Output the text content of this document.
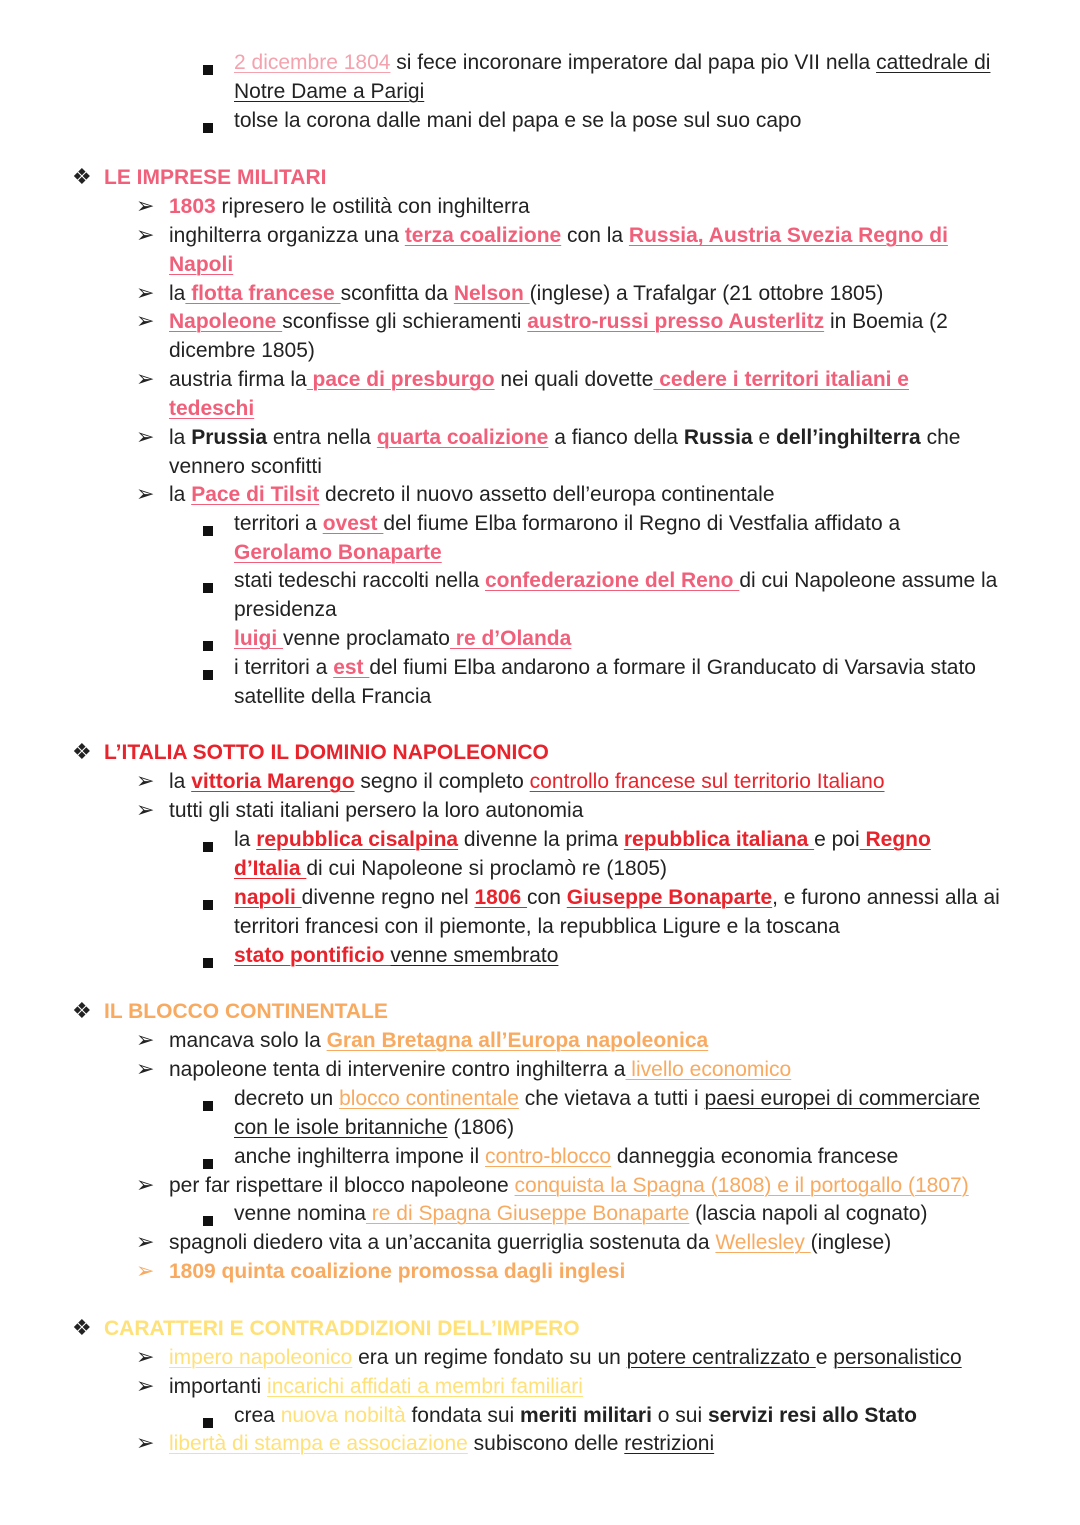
2 dicembre 1804 si fece incoronare imperatore dal papa pio VII nella cattedrale di
Notre Dame a Parigi
tolse la corona dalle mani del papa e se la pose sul suo capo
❖ LE IMPRESE MILITARI
➢ 1803 ripresero le ostilità con inghilterra
➢ inghilterra organizza una terza coalizione con la Russia, Austria Svezia Regno di
Napoli
➢ la flotta francese sconfitta da Nelson (inglese) a Trafalgar (21 ottobre 1805)
➢ Napoleone sconfisse gli schieramenti austro-russi presso Austerlitz in Boemia (2
dicembre 1805)
➢ austria firma la pace di presburgo nei quali dovette cedere i territori italiani e
tedeschi
➢ la Prussia entra nella quarta coalizione a fianco della Russia e dell’inghilterra che
vennero sconfitti
➢ la Pace di Tilsit decreto il nuovo assetto dell’europa continentale
territori a ovest del fiume Elba formarono il Regno di Vestfalia affidato a
Gerolamo Bonaparte
stati tedeschi raccolti nella confederazione del Reno di cui Napoleone assume la
presidenza
luigi venne proclamato re d’Olanda
i territori a est del fiumi Elba andarono a formare il Granducato di Varsavia stato
satellite della Francia
❖ L’ITALIA SOTTO IL DOMINIO NAPOLEONICO
➢ la vittoria Marengo segno il completo controllo francese sul territorio Italiano
➢ tutti gli stati italiani persero la loro autonomia
la repubblica cisalpina divenne la prima repubblica italiana e poi Regno
d’Italia di cui Napoleone si proclamò re (1805)
napoli divenne regno nel 1806 con Giuseppe Bonaparte, e furono annessi alla ai
territori francesi con il piemonte, la repubblica Ligure e la toscana
stato pontificio venne smembrato
❖ IL BLOCCO CONTINENTALE
➢ mancava solo la Gran Bretagna all’Europa napoleonica
➢ napoleone tenta di intervenire contro inghilterra a livello economico
decreto un blocco continentale che vietava a tutti i paesi europei di commerciare
con le isole britanniche (1806)
anche inghilterra impone il contro-blocco danneggia economia francese
➢ per far rispettare il blocco napoleone conquista la Spagna (1808) e il portogallo (1807)
venne nomina re di Spagna Giuseppe Bonaparte (lascia napoli al cognato)
➢ spagnoli diedero vita a un’accanita guerriglia sostenuta da Wellesley (inglese)
➢ 1809 quinta coalizione promossa dagli inglesi
❖ CARATTERI E CONTRADDIZIONI DELL’IMPERO
➢ impero napoleonico era un regime fondato su un potere centralizzato e personalistico
➢ importanti incarichi affidati a membri familiari
crea nuova nobiltà fondata sui meriti militari o sui servizi resi allo Stato
➢ libertà di stampa e associazione subiscono delle restrizioni
